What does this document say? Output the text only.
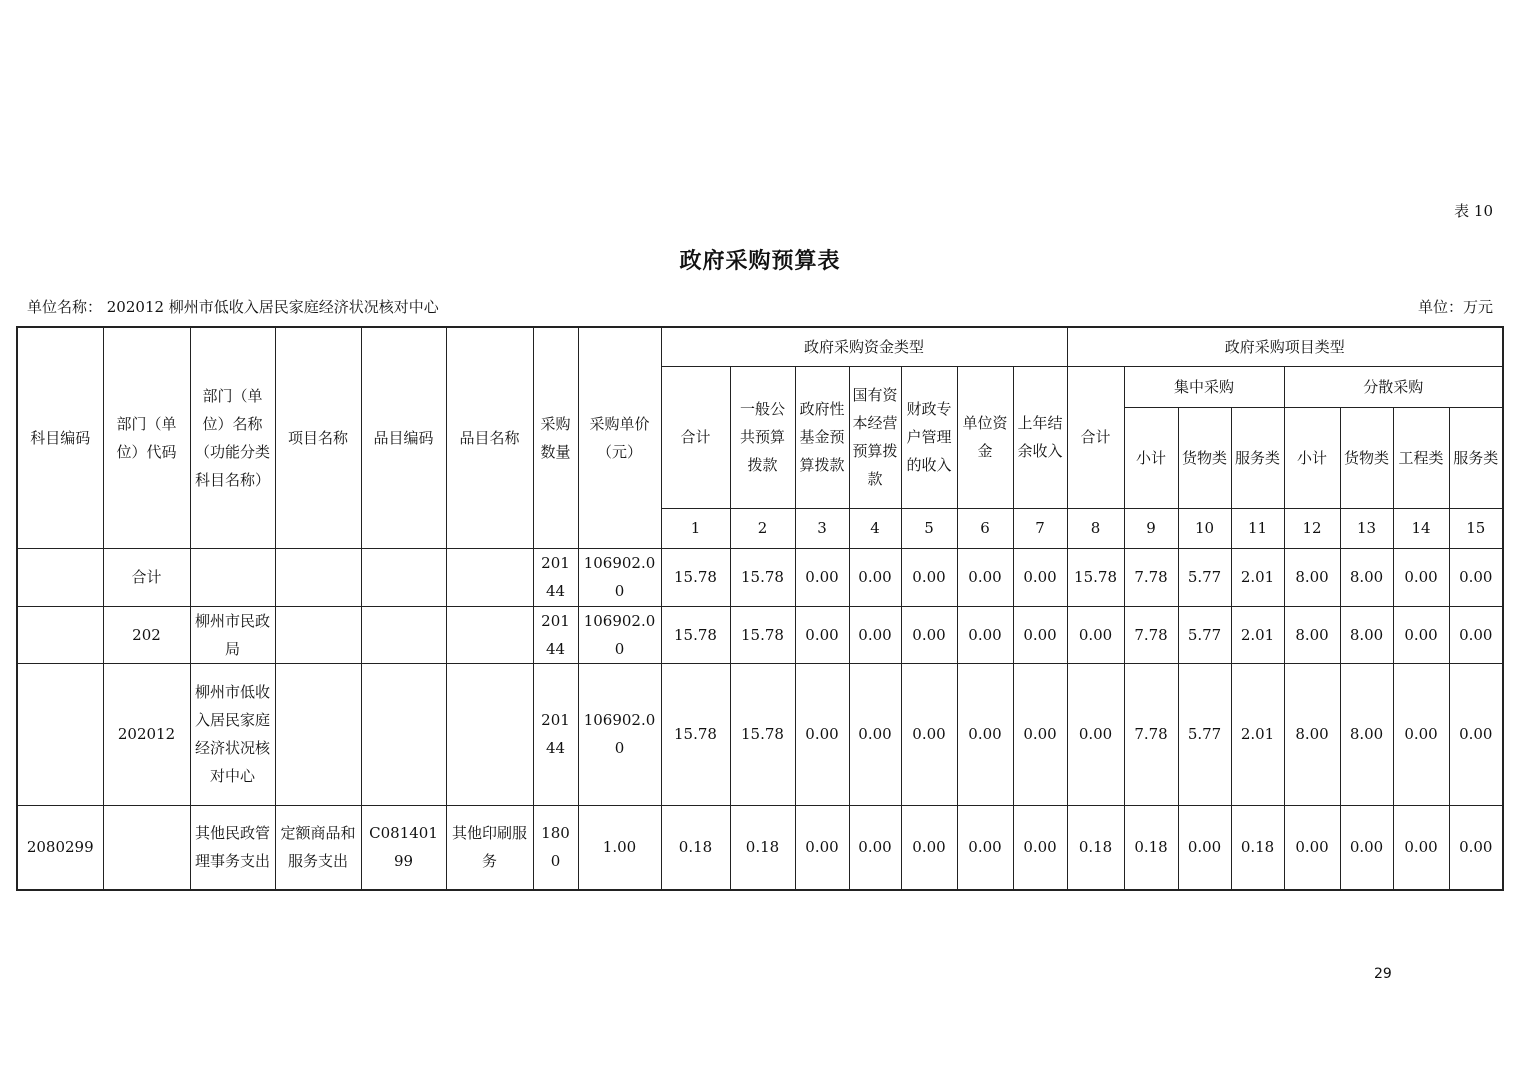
表 10
政府采购预算表
单位名称： 202012 柳州市低收入居民家庭经济状况核对中心	单位：万元
科目编码	部门（单位）代码	部门（单位）名称（功能分类科目名称）	项目名称	品目编码	品目名称	采购数量	采购单价（元）	政府采购资金类型							政府采购项目类型							
								合计	一般公共预算拨款	政府性基金预算拨款	国有资本经营预算拨款	财政专户管理的收入	单位资金	上年结余收入	合计	集中采购			分散采购			
																小计	货物类	服务类	小计	货物类	工程类	服务类
								1	2	3	4	5	6	7	8	9	10	11	12	13	14	15
	合计					20144	106902.00	15.78	15.78	0.00	0.00	0.00	0.00	0.00	15.78	7.78	5.77	2.01	8.00	8.00	0.00	0.00
	202	柳州市民政局				20144	106902.00	15.78	15.78	0.00	0.00	0.00	0.00	0.00	0.00	7.78	5.77	2.01	8.00	8.00	0.00	0.00
	202012	柳州市低收入居民家庭经济状况核对中心				20144	106902.00	15.78	15.78	0.00	0.00	0.00	0.00	0.00	0.00	7.78	5.77	2.01	8.00	8.00	0.00	0.00
2080299		其他民政管理事务支出	定额商品和服务支出	C08140199	其他印刷服务	1800	1.00	0.18	0.18	0.00	0.00	0.00	0.00	0.00	0.18	0.18	0.00	0.18	0.00	0.00	0.00	0.00
29
